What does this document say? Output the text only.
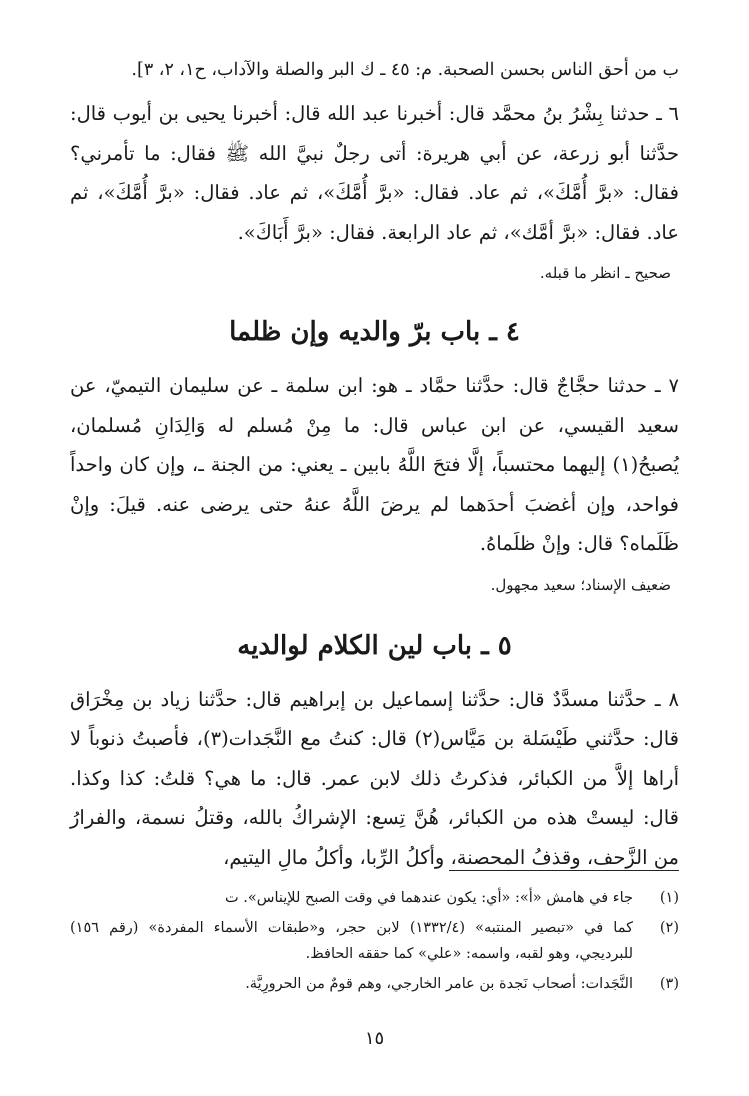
ب من أحق الناس بحسن الصحبة. م: ٤٥ ـ ك البر والصلة والآداب، ح١، ٢، ٣].

٦ ـ حدثنا بِشْرُ بنُ محمَّد قال: أخبرنا عبد الله قال: أخبرنا يحيى بن أيوب قال: حدَّثنا أبو زرعة، عن أبي هريرة: أتى رجلٌ نبيَّ الله ﷺ فقال: ما تأمرني؟ فقال: «برَّ أُمَّكَ»، ثم عاد. فقال: «برَّ أُمَّكَ»، ثم عاد. فقال: «برَّ أُمَّكَ»، ثم عاد. فقال: «برَّ أمَّك»، ثم عاد الرابعة. فقال: «برَّ أَبَاكَ».

صحيح ـ انظر ما قبله.

٤ ـ باب برّ والديه وإن ظلما

٧ ـ حدثنا حجَّاجٌ قال: حدَّثنا حمَّاد ـ هو: ابن سلمة ـ عن سليمان التيميّ، عن سعيد القيسي، عن ابن عباس قال: ما مِنْ مُسلم له وَالِدَانِ مُسلمان، يُصبحُ(١) إليهما محتسباً، إلَّا فتحَ اللَّهُ بابين ـ يعني: من الجنة ـ، وإن كان واحداً فواحد، وإن أغضبَ أحدَهما لم يرضَ اللَّهُ عنهُ حتى يرضى عنه. قيلَ: وإنْ ظَلَماه؟ قال: وإنْ ظلَماهُ.

ضعيف الإسناد؛ سعيد مجهول.

٥ ـ باب لين الكلام لوالديه

٨ ـ حدَّثنا مسدَّدٌ قال: حدَّثنا إسماعيل بن إبراهيم قال: حدَّثنا زياد بن مِخْرَاق قال: حدَّثني طَيْسَلة بن مَيَّاس(٢) قال: كنتُ مع النَّجَدات(٣)، فأصبتُ ذنوباً لا أراها إلاَّ من الكبائر، فذكرتُ ذلك لابن عمر. قال: ما هي؟ قلتُ: كذا وكذا. قال: ليستْ هذه من الكبائر، هُنَّ تِسع: الإشراكُ بالله، وقتلُ نسمة، والفرارُ من الزَّحف، وقذفُ المحصنة، وأكلُ الرِّبا، وأكلُ مالِ اليتيم،

(١)
جاء في هامش «أ»: «أي: يكون عندهما في وقت الصبح للإيناس». ت
(٢)
كما في «تبصير المنتبه» (١٣٣٢/٤) لابن حجر، و«طبقات الأسماء المفردة» (رقم ١٥٦) للبرديجي، وهو لقبه، واسمه: «علي» كما حققه الحافظ.
(٣)
النَّجَدات: أصحاب نَجدة بن عامر الخارجي، وهم قومٌ من الحرورِيَّة.
١٥
